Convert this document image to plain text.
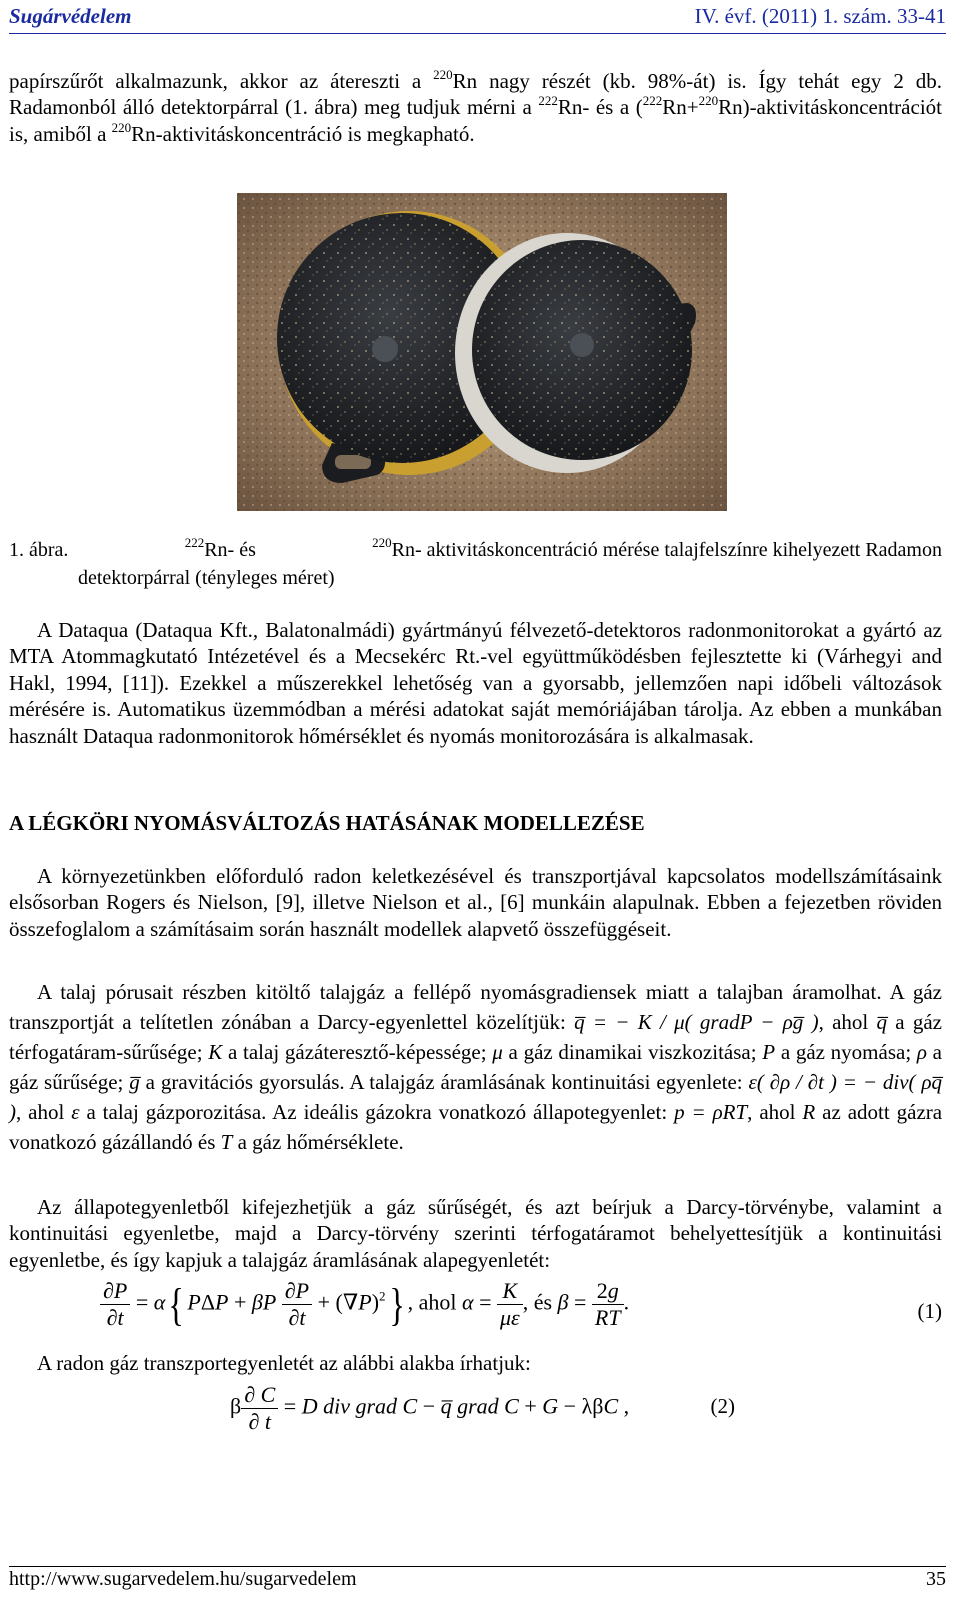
Sugárvédelem	IV. évf. (2011) 1. szám. 33-41

papírszűrőt alkalmazunk, akkor az átereszti a $^{220}$Rn nagy részét (kb. 98%-át) is. Így tehát egy 2 db. Radamonból álló detektorpárral (1. ábra) meg tudjuk mérni a $^{222}$Rn- és a ($^{222}$Rn+$^{220}$Rn)-aktivitáskoncentrációt is, amiből a $^{220}$Rn-aktivitáskoncentráció is megkapható.

1. ábra.	$^{222}$Rn- és	$^{220}$Rn- aktivitáskoncentráció mérése talajfelszínre kihelyezett Radamon
detektorpárral (tényleges méret)

A Dataqua (Dataqua Kft., Balatonalmádi) gyártmányú félvezető-detektoros radonmonitorokat a gyártó az MTA Atommagkutató Intézetével és a Mecsekérc Rt.-vel együttműködésben fejlesztette ki (Várhegyi and Hakl, 1994, [11]). Ezekkel a műszerekkel lehetőség van a gyorsabb, jellemzően napi időbeli változások mérésére is. Automatikus üzemmódban a mérési adatokat saját memóriájában tárolja. Az ebben a munkában használt Dataqua radonmonitorok hőmérséklet és nyomás monitorozására is alkalmasak.

A LÉGKÖRI NYOMÁSVÁLTOZÁS HATÁSÁNAK MODELLEZÉSE

A környezetünkben előforduló radon keletkezésével és transzportjával kapcsolatos modellszámításaink elsősorban Rogers és Nielson, [9], illetve Nielson et al., [6] munkáin alapulnak. Ebben a fejezetben röviden összefoglalom a számításaim során használt modellek alapvető összefüggéseit.

A talaj pórusait részben kitöltő talajgáz a fellépő nyomásgradiensek miatt a talajban áramolhat. A gáz transzportját a telítetlen zónában a Darcy-egyenlettel közelítjük: q̅ = − K / μ( gradP − ρg̅ ), ahol q̅ a gáz térfogatáram-sűrűsége; K a talaj gázáteresztő-képessége; μ a gáz dinamikai viszkozitása; P a gáz nyomása; ρ a gáz sűrűsége; g̅ a gravitációs gyorsulás. A talajgáz áramlásának kontinuitási egyenlete: ε( ∂ρ / ∂t ) = − div( ρq̅ ), ahol ε a talaj gázporozitása. Az ideális gázokra vonatkozó állapotegyenlet: p = ρRT, ahol R az adott gázra vonatkozó gázállandó és T a gáz hőmérséklete.

Az állapotegyenletből kifejezhetjük a gáz sűrűségét, és azt beírjuk a Darcy-törvénybe, valamint a kontinuitási egyenletbe, majd a Darcy-törvény szerinti térfogatáramot behelyettesítjük a kontinuitási egyenletbe, és így kapjuk a talajgáz áramlásának alapegyenletét:

$\frac{\partial P}{\partial t} = \alpha${ PΔP + βP $\frac{\partial P}{\partial t} + (\nabla P)^2$} , ahol $\alpha = \frac{K}{\mu\varepsilon}$ , és $\beta = \frac{2g}{RT}$ .	(1)

A radon gáz transzportegyenletét az alábbi alakba írhatjuk:

β $\frac{\partial C}{\partial t} = D$ div grad C − q̅ grad C + G − λβC ,	(2)
http://www.sugarvedelem.hu/sugarvedelem	35
